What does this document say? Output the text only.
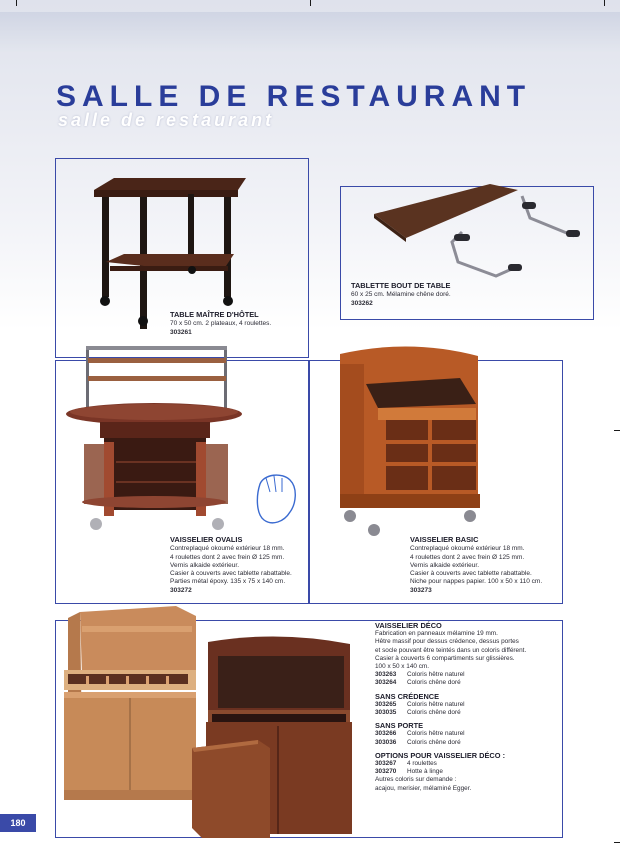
SALLE DE RESTAURANT
salle de restaurant
TABLE MAÎTRE D'HÔTEL
70 x 50 cm. 2 plateaux, 4 roulettes.
303261
TABLETTE BOUT DE TABLE
60 x 25 cm. Mélamine chêne doré.
303262
VAISSELIER OVALIS
Contreplaqué okoumé extérieur 18 mm.
4 roulettes dont 2 avec frein Ø 125 mm.
Vernis alkaide extérieur.
Casier à couverts avec tablette rabattable.
Parties métal époxy. 135 x 75 x 140 cm.
303272
VAISSELIER BASIC
Contreplaqué okoumé extérieur 18 mm.
4 roulettes dont 2 avec frein Ø 125 mm.
Vernis alkaide extérieur.
Casier à couverts avec tablette rabattable.
Niche pour nappes papier. 100 x 50 x 110 cm.
303273
VAISSELIER DÉCO
Fabrication en panneaux mélamine 19 mm.
Hêtre massif pour dessus crédence, dessus portes
et socle pouvant être teintés dans un coloris différent.
Casier à couverts 6 compartiments sur glissières.
100 x 50 x 140 cm.
303263	Coloris hêtre naturel
303264	Coloris chêne doré
SANS CRÉDENCE
303265	Coloris hêtre naturel
303035	Coloris chêne doré
SANS PORTE
303266	Coloris hêtre naturel
303036	Coloris chêne doré
OPTIONS POUR VAISSELIER DÉCO :
303267	4 roulettes
303270	Hotte à linge
Autres coloris sur demande :
acajou, merisier, mélaminé Egger.
180
